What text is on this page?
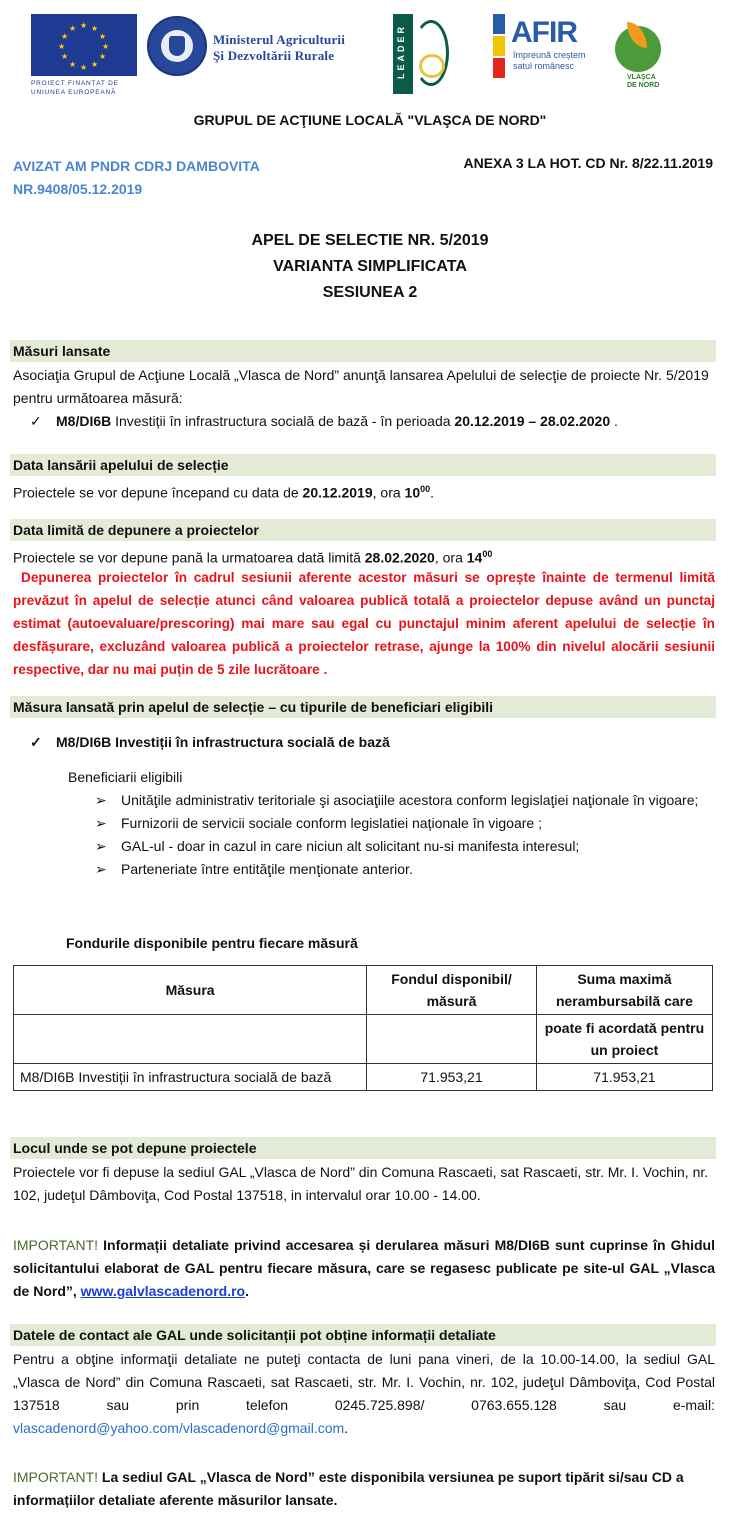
★ ★
★
★
★
★
★
★
★
★
★
★
PROIECT FINANȚAT DE
UNIUNEA EUROPEANĂ
Ministerul Agriculturii
Şi Dezvoltării Rurale	LEADER	AFIR
împreună creștem
satul românesc
VLAŞCA
DE NORD
GRUPUL DE ACŢIUNE LOCALĂ "VLAŞCA DE NORD"
AVIZAT AM PNDR CDRJ DAMBOVITA
NR.9408/05.12.2019
ANEXA 3 LA HOT. CD Nr. 8/22.11.2019
APEL DE SELECTIE NR. 5/2019
VARIANTA SIMPLIFICATA
SESIUNEA 2
Măsuri lansate
Asociaţia Grupul de Acţiune Locală „Vlasca de Nord” anunţă lansarea Apelului de selecţie de proiecte Nr. 5/2019 pentru următoarea măsură:
✓ M8/DI6B Investiții în infrastructura socială de bază - în perioada 20.12.2019 – 28.02.2020 .
Data lansării apelului de selecție
Proiectele se vor depune începand cu data de 20.12.2019, ora $10^{00}$.
Data limită de depunere a proiectelor
Proiectele se vor depune pană la urmatoarea dată limită 28.02.2020, ora $14^{00}$
Depunerea proiectelor în cadrul sesiunii aferente acestor măsuri se oprește înainte de termenul limită prevăzut în apelul de selecție atunci când valoarea publică totală a proiectelor depuse având un punctaj estimat (autoevaluare/prescoring) mai mare sau egal cu punctajul minim aferent apelului de selecție în desfășurare, excluzând valoarea publică a proiectelor retrase, ajunge la 100% din nivelul alocării sesiunii respective, dar nu mai puțin de 5 zile lucrătoare .
Măsura lansată prin apelul de selecție – cu tipurile de beneficiari eligibili
✓ M8/DI6B Investiții în infrastructura socială de bază
Beneficiarii eligibili
➢	Unităţile administrativ teritoriale şi asociaţiile acestora conform legislaţiei naţionale în vigoare;
➢	Furnizorii de servicii sociale conform legislatiei naționale în vigoare ;
➢	GAL-ul - doar in cazul in care niciun alt solicitant nu-si manifesta interesul;
➢	Parteneriate între entităţile menţionate anterior.
Fondurile disponibile pentru fiecare măsură
Măsura	Fondul disponibil/ măsură	Suma maximă nerambursabilă care
		poate fi acordată pentru un proiect
M8/DI6B Investiții în infrastructura socială de bază	71.953,21	71.953,21
Locul unde se pot depune proiectele
Proiectele vor fi depuse la sediul GAL „Vlasca de Nord” din Comuna Rascaeti, sat Rascaeti, str. Mr. I. Vochin, nr. 102, judeţul Dâmboviţa, Cod Postal 137518, in intervalul orar 10.00 - 14.00.
IMPORTANT! Informații detaliate privind accesarea și derularea măsuri M8/DI6B sunt cuprinse în Ghidul solicitantului elaborat de GAL pentru fiecare măsura, care se regasesc publicate pe site-ul GAL „Vlasca de Nord”, www.galvlascadenord.ro.
Datele de contact ale GAL unde solicitanții pot obține informații detaliate
Pentru a obţine informaţii detaliate ne puteţi contacta de luni pana vineri, de la 10.00-14.00, la sediul GAL „Vlasca de Nord” din Comuna Rascaeti, sat Rascaeti, str. Mr. I. Vochin, nr. 102, judeţul Dâmboviţa, Cod Postal 137518 sau prin telefon 0245.725.898/ 0763.655.128 sau e-mail: vlascadenord@yahoo.com/vlascadenord@gmail.com.
IMPORTANT! La sediul GAL „Vlasca de Nord” este disponibila versiunea pe suport tipărit si/sau CD a informațiilor detaliate aferente măsurilor lansate.
